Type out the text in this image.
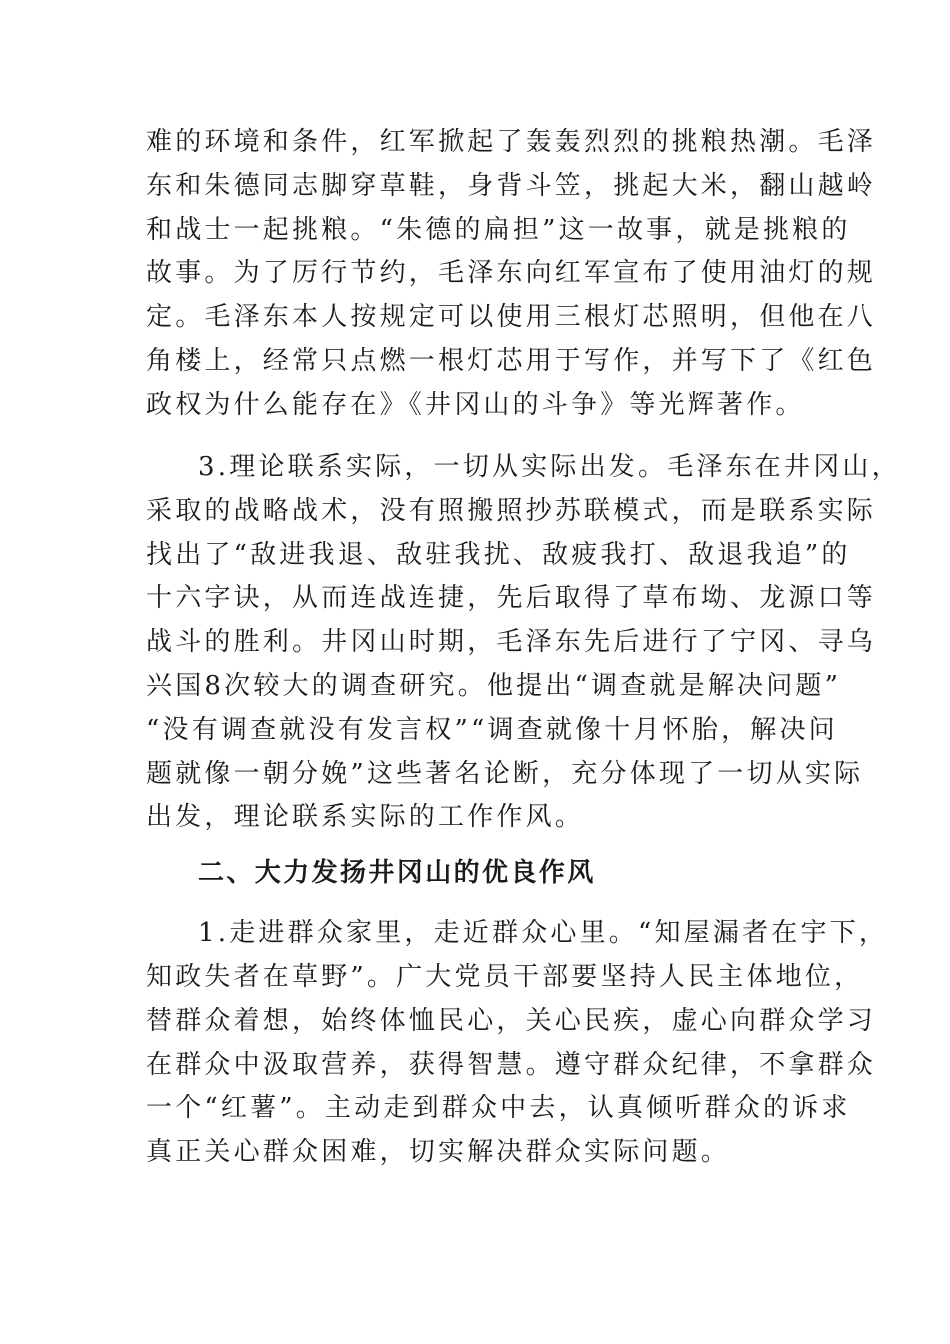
难的环境和条件，红军掀起了轰轰烈烈的挑粮热潮。毛泽
东和朱德同志脚穿草鞋，身背斗笠，挑起大米，翻山越岭
和战士一起挑粮。“朱德的扁担”这一故事，就是挑粮的
故事。为了厉行节约，毛泽东向红军宣布了使用油灯的规
定。毛泽东本人按规定可以使用三根灯芯照明，但他在八
角楼上，经常只点燃一根灯芯用于写作，并写下了《红色
政权为什么能存在》《井冈山的斗争》等光辉著作。
3.理论联系实际，一切从实际出发。毛泽东在井冈山，
采取的战略战术，没有照搬照抄苏联模式，而是联系实际
找出了“敌进我退、敌驻我扰、敌疲我打、敌退我追”的
十六字诀，从而连战连捷，先后取得了草布坳、龙源口等
战斗的胜利。井冈山时期，毛泽东先后进行了宁冈、寻乌
兴国8次较大的调查研究。他提出“调查就是解决问题”
“没有调查就没有发言权”“调查就像十月怀胎，解决问
题就像一朝分娩”这些著名论断，充分体现了一切从实际
出发，理论联系实际的工作作风。
二、大力发扬井冈山的优良作风
1.走进群众家里，走近群众心里。“知屋漏者在宇下，
知政失者在草野”。广大党员干部要坚持人民主体地位，
替群众着想，始终体恤民心，关心民疾，虚心向群众学习
在群众中汲取营养，获得智慧。遵守群众纪律，不拿群众
一个“红薯”。主动走到群众中去，认真倾听群众的诉求
真正关心群众困难，切实解决群众实际问题。
